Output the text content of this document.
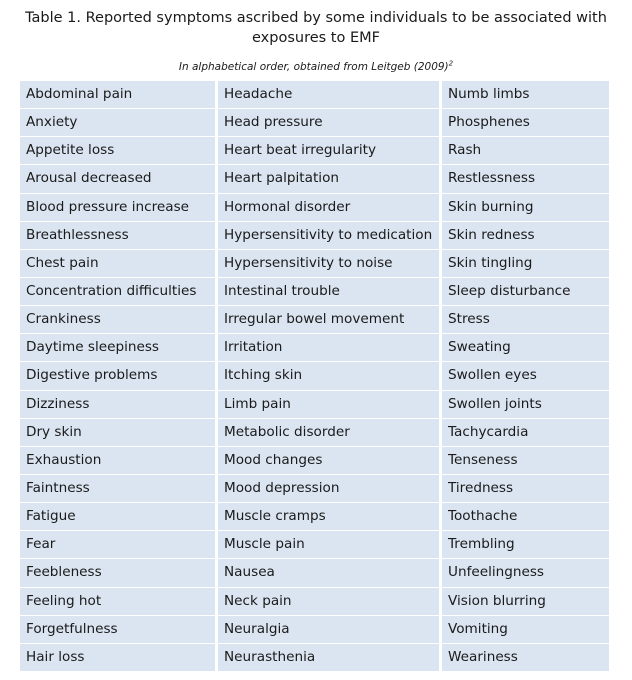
Table 1. Reported symptoms ascribed by some individuals to be associated with
exposures to EMF
In alphabetical order, obtained from Leitgeb $(2009)^2$
Abdominal pain	Headache	Numb limbs
Anxiety	Head pressure	Phosphenes
Appetite loss	Heart beat irregularity	Rash
Arousal decreased	Heart palpitation	Restlessness
Blood pressure increase	Hormonal disorder	Skin burning
Breathlessness	Hypersensitivity to medication	Skin redness
Chest pain	Hypersensitivity to noise	Skin tingling
Concentration difficulties	Intestinal trouble	Sleep disturbance
Crankiness	Irregular bowel movement	Stress
Daytime sleepiness	Irritation	Sweating
Digestive problems	Itching skin	Swollen eyes
Dizziness	Limb pain	Swollen joints
Dry skin	Metabolic disorder	Tachycardia
Exhaustion	Mood changes	Tenseness
Faintness	Mood depression	Tiredness
Fatigue	Muscle cramps	Toothache
Fear	Muscle pain	Trembling
Feebleness	Nausea	Unfeelingness
Feeling hot	Neck pain	Vision blurring
Forgetfulness	Neuralgia	Vomiting
Hair loss	Neurasthenia	Weariness
